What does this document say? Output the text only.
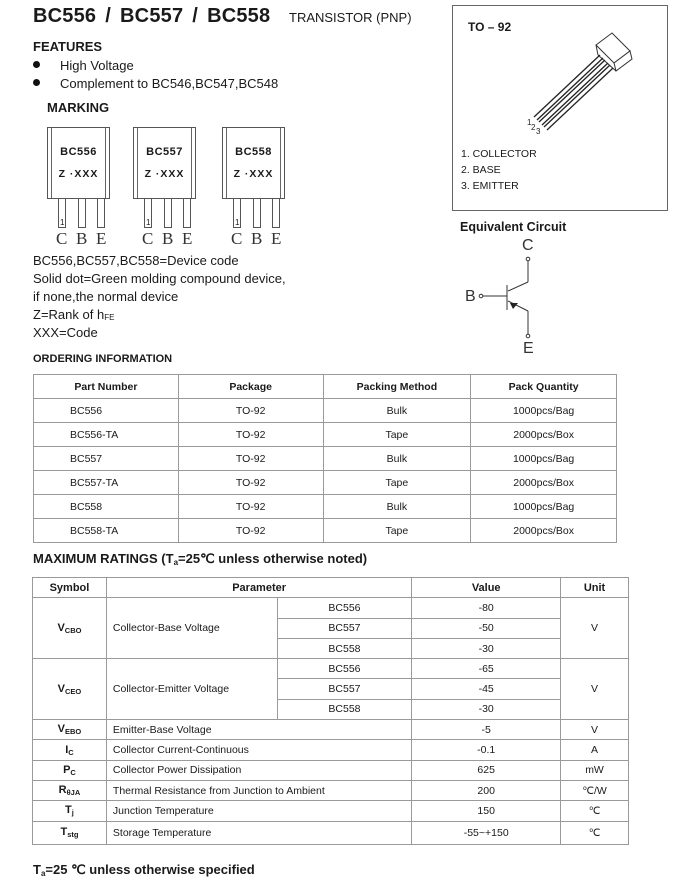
BC556 / BC557 / BC558 TRANSISTOR (PNP)
FEATURES
High Voltage
Complement to BC546,BC547,BC548
MARKING
BC556
Z ·XXX
1
C B E
BC557
Z ·XXX
1
C B E
BC558
Z ·XXX
1
C B E
BC556,BC557,BC558=Device code
Solid dot=Green molding compound device,
if none,the normal device
Z=Rank of $h_{FE}$
XXX=Code
TO – 92
1
2 3
1. COLLECTOR
2. BASE
3. EMITTER
Equivalent Circuit
C
B
E
ORDERING INFORMATION
Part Number	Package	Packing Method	Pack Quantity
BC556	TO-92	Bulk	1000pcs/Bag
BC556-TA	TO-92	Tape	2000pcs/Box
BC557	TO-92	Bulk	1000pcs/Bag
BC557-TA	TO-92	Tape	2000pcs/Box
BC558	TO-92	Bulk	1000pcs/Bag
BC558-TA	TO-92	Tape	2000pcs/Box
MAXIMUM RATINGS ($T_a=25℃$ unless otherwise noted)
Symbol	Parameter		Value	Unit
$V_{CBO}$	Collector-Base Voltage	BC556	-80	V
		BC557	-50	
		BC558	-30	
$V_{CEO}$	Collector-Emitter Voltage	BC556	-65	V
		BC557	-45	
		BC558	-30	
$V_{EBO}$	Emitter-Base Voltage		-5	V
$I_C$	Collector Current-Continuous		-0.1	A
$P_C$	Collector Power Dissipation		625	mW
$R_{\theta JA}$	Thermal Resistance from Junction to Ambient		200	℃/W
$T_j$	Junction Temperature		150	℃
$T_{stg}$	Storage Temperature		-55~+150	℃
$T_a=25$ ℃ unless otherwise specified
